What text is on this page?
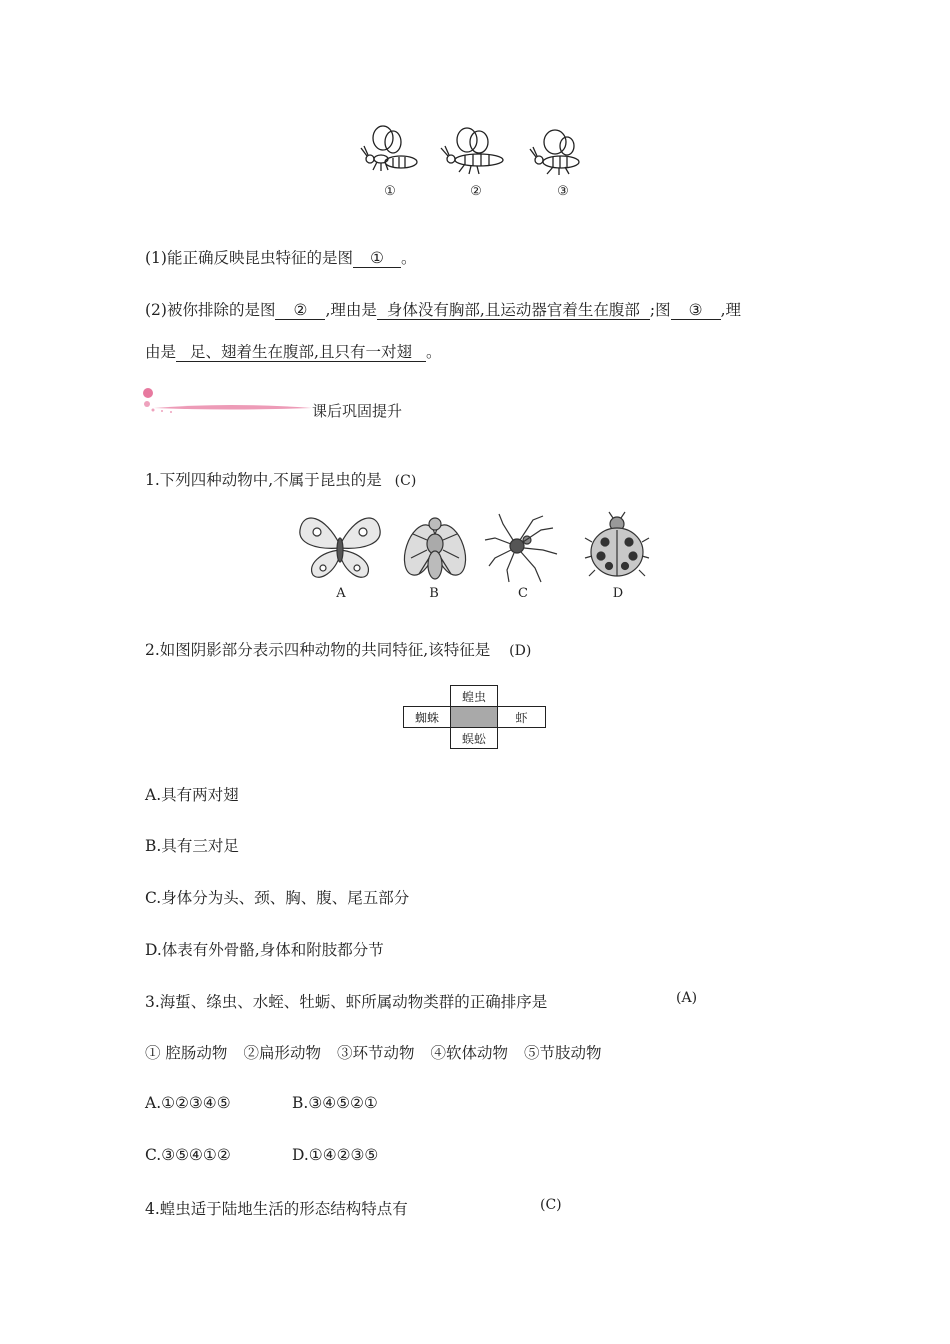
①	②	③
(1)能正确反映昆虫特征的是图 ① 。
(2)被你排除的是图 ② ,理由是 身体没有胸部,且运动器官着生在腹部 ;图 ③ ,理
由是 足、翅着生在腹部,且只有一对翅 。
课后巩固提升
1.下列四种动物中,不属于昆虫的是 (C)
A	B	C	D
2.如图阴影部分表示四种动物的共同特征,该特征是 (D)
蝗虫
蜘蛛	虾
蜈蚣
A.具有两对翅
B.具有三对足
C.身体分为头、颈、胸、腹、尾五部分
D.体表有外骨骼,身体和附肢都分节
3.海蜇、绦虫、水蛭、牡蛎、虾所属动物类群的正确排序是	(A)
① 腔肠动物 ②扁形动物 ③环节动物 ④软体动物 ⑤节肢动物
A.①②③④⑤	B.③④⑤②①
C.③⑤④①②	D.①④②③⑤
4.蝗虫适于陆地生活的形态结构特点有	(C)
